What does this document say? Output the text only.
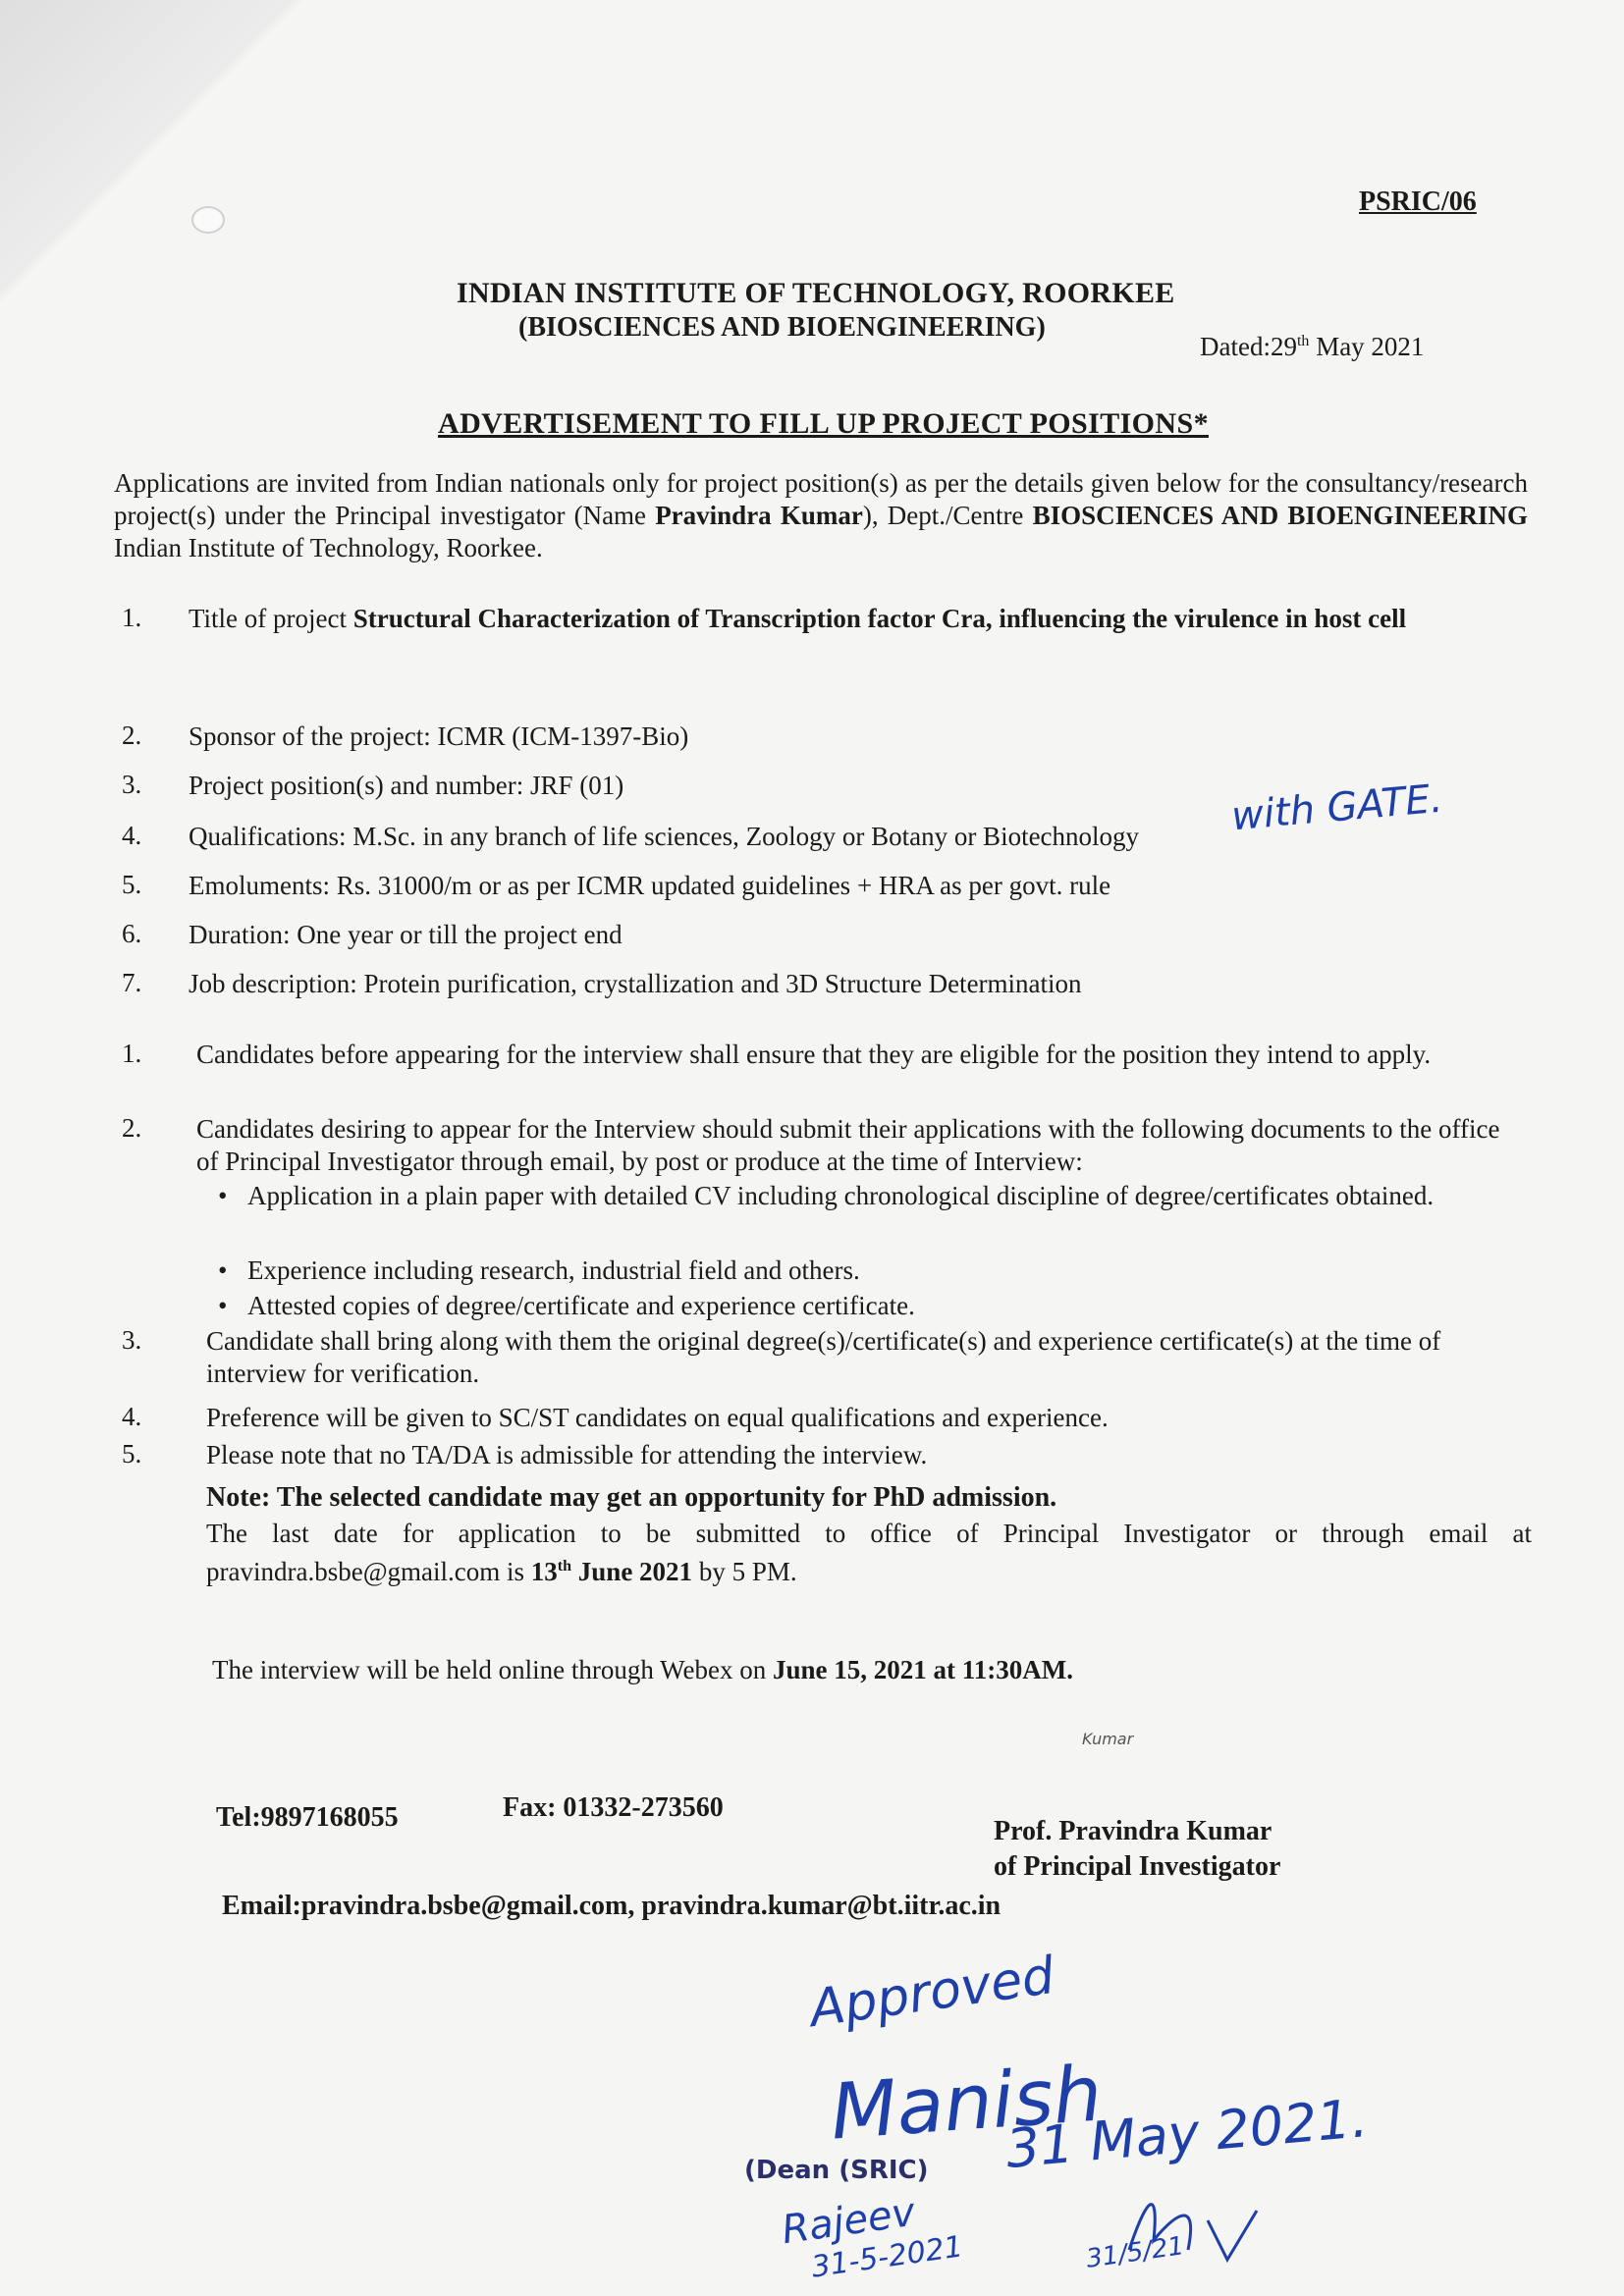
PSRIC/06
INDIAN INSTITUTE OF TECHNOLOGY, ROORKEE
(BIOSCIENCES AND BIOENGINEERING)
Dated:29th May 2021
ADVERTISEMENT TO FILL UP PROJECT POSITIONS*
Applications are invited from Indian nationals only for project position(s) as per the details given below for the consultancy/research project(s) under the Principal investigator (Name Pravindra Kumar), Dept./Centre BIOSCIENCES AND BIOENGINEERING Indian Institute of Technology, Roorkee.
1.	Title of project Structural Characterization of Transcription factor Cra, influencing the virulence in host cell
2.	Sponsor of the project: ICMR (ICM-1397-Bio)
3.	Project position(s) and number: JRF (01)
4.	Qualifications: M.Sc. in any branch of life sciences, Zoology or Botany or Biotechnology
5.	Emoluments: Rs. 31000/m or as per ICMR updated guidelines + HRA as per govt. rule
6.	Duration: One year or till the project end
7.	Job description: Protein purification, crystallization and 3D Structure Determination
with GATE.
1.	Candidates before appearing for the interview shall ensure that they are eligible for the position they intend to apply.
2.	Candidates desiring to appear for the Interview should submit their applications with the following documents to the office of Principal Investigator through email, by post or produce at the time of Interview:
• Application in a plain paper with detailed CV including chronological discipline of degree/certificates obtained.
• Experience including research, industrial field and others.
• Attested copies of degree/certificate and experience certificate.
3.	Candidate shall bring along with them the original degree(s)/certificate(s) and experience certificate(s) at the time of interview for verification.
4.	Preference will be given to SC/ST candidates on equal qualifications and experience.
5.	Please note that no TA/DA is admissible for attending the interview.
Note: The selected candidate may get an opportunity for PhD admission.
The last date for application to be submitted to office of Principal Investigator or through email at pravindra.bsbe@gmail.com is 13th June 2021 by 5 PM.
The interview will be held online through Webex on June 15, 2021 at 11:30AM.
Kumar
Tel:9897168055	Fax: 01332-273560
Prof. Pravindra Kumar
of Principal Investigator
Email:pravindra.bsbe@gmail.com, pravindra.kumar@bt.iitr.ac.in
Approved
Manish
31 May 2021.
(Dean (SRIC)
Rajeev
31-5-2021	31/5/21
